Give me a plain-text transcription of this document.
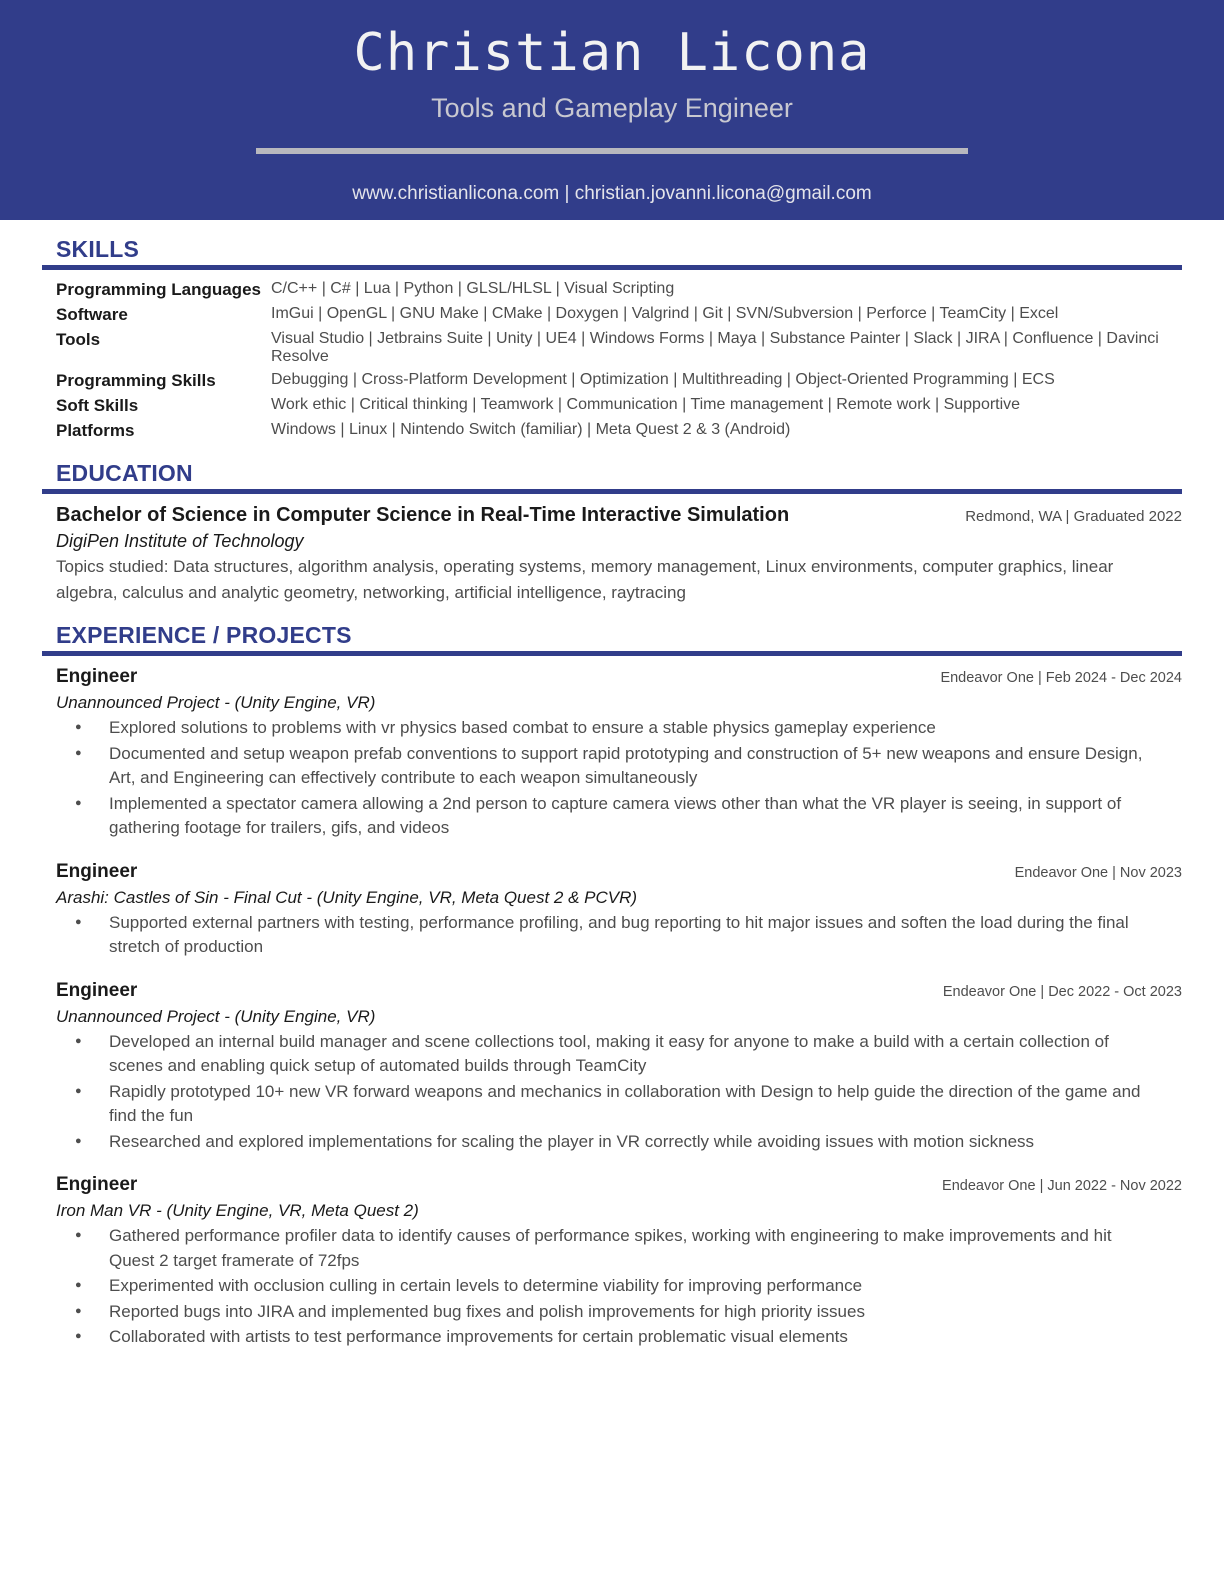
Christian Licona
Tools and Gameplay Engineer
www.christianlicona.com | christian.jovanni.licona@gmail.com
SKILLS
Programming Languages	C/C++ | C# | Lua | Python | GLSL/HLSL | Visual Scripting
Software	ImGui | OpenGL | GNU Make | CMake | Doxygen | Valgrind | Git | SVN/Subversion | Perforce | TeamCity | Excel
Tools	Visual Studio | Jetbrains Suite | Unity | UE4 | Windows Forms | Maya | Substance Painter | Slack | JIRA | Confluence | Davinci Resolve
Programming Skills	Debugging | Cross-Platform Development | Optimization | Multithreading | Object-Oriented Programming | ECS
Soft Skills	Work ethic | Critical thinking | Teamwork | Communication | Time management | Remote work | Supportive
Platforms	Windows | Linux | Nintendo Switch (familiar) | Meta Quest 2 & 3 (Android)
EDUCATION
Bachelor of Science in Computer Science in Real-Time Interactive Simulation	Redmond, WA | Graduated 2022
DigiPen Institute of Technology
Topics studied: Data structures, algorithm analysis, operating systems, memory management, Linux environments, computer graphics, linear algebra, calculus and analytic geometry, networking, artificial intelligence, raytracing
EXPERIENCE / PROJECTS
Engineer	Endeavor One | Feb 2024 - Dec 2024
Unannounced Project - (Unity Engine, VR)
● Explored solutions to problems with vr physics based combat to ensure a stable physics gameplay experience
● Documented and setup weapon prefab conventions to support rapid prototyping and construction of 5+ new weapons and ensure Design, Art, and Engineering can effectively contribute to each weapon simultaneously
● Implemented a spectator camera allowing a 2nd person to capture camera views other than what the VR player is seeing, in support of gathering footage for trailers, gifs, and videos
Engineer	Endeavor One | Nov 2023
Arashi: Castles of Sin - Final Cut - (Unity Engine, VR, Meta Quest 2 & PCVR)
● Supported external partners with testing, performance profiling, and bug reporting to hit major issues and soften the load during the final stretch of production
Engineer	Endeavor One | Dec 2022 - Oct 2023
Unannounced Project - (Unity Engine, VR)
● Developed an internal build manager and scene collections tool, making it easy for anyone to make a build with a certain collection of scenes and enabling quick setup of automated builds through TeamCity
● Rapidly prototyped 10+ new VR forward weapons and mechanics in collaboration with Design to help guide the direction of the game and find the fun
● Researched and explored implementations for scaling the player in VR correctly while avoiding issues with motion sickness
Engineer	Endeavor One | Jun 2022 - Nov 2022
Iron Man VR - (Unity Engine, VR, Meta Quest 2)
● Gathered performance profiler data to identify causes of performance spikes, working with engineering to make improvements and hit Quest 2 target framerate of 72fps
● Experimented with occlusion culling in certain levels to determine viability for improving performance
● Reported bugs into JIRA and implemented bug fixes and polish improvements for high priority issues
● Collaborated with artists to test performance improvements for certain problematic visual elements
